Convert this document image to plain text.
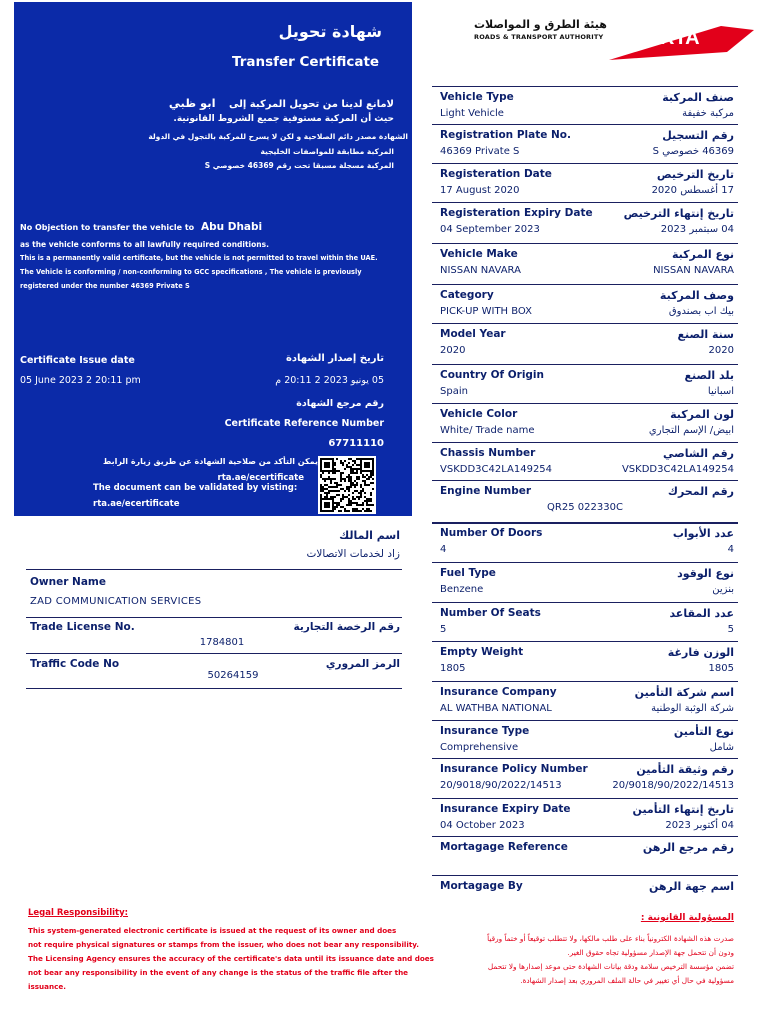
شهادة تحويل
Transfer Certificate
لامانع لدينا من تحويل المركبة إلى ابو ظبي
حيث أن المركبة مستوفية جميع الشروط القانونية.
الشهادة مصدر دائم الصلاحية و لكن لا يسرح للمركبة بالتجول في الدولة
المركبة مطابقة للمواصفات الخليجية
المركبة مسجلة مسبقا تحت رقم 46369 خصوصي S
No Objection to transfer the vehicle to Abu Dhabi
as the vehicle conforms to all lawfully required conditions.
This is a permanently valid certificate, but the vehicle is not permitted to travel within the UAE.
The Vehicle is conforming / non-conforming to GCC specifications , The vehicle is previously
registered under the number 46369 Private S
Certificate Issue date	تاريخ إصدار الشهادة
05 June 2023 2 20:11 pm	05 يونيو 2023 2 20:11 م
رقم مرجع الشهادة
Certificate Reference Number
67711110
يمكن التأكد من صلاحية الشهادة عن طريق زيارة الرابط
rta.ae/ecertificate
The document can be validated by visting:
rta.ae/ecertificate
هيئة الطرق و المواصلات
ROADS & TRANSPORT AUTHORITY	RTA
اسم المالك
زاد لخدمات الاتصالات
Owner Name
ZAD COMMUNICATION SERVICES
Trade License No.	رقم الرخصة التجارية
1784801
Traffic Code No	الرمز المروري
50264159
Vehicle Type	صنف المركبة
Light Vehicle	مركبة خفيفة
Registration Plate No.	رقم التسجيل
46369 Private S	46369 خصوصي S
Registeration Date	تاريخ الترخيص
17 August 2020	17 أغسطس 2020
Registeration Expiry Date	تاريخ إنتهاء الترخيص
04 September 2023	04 سبتمبر 2023
Vehicle Make	نوع المركبة
NISSAN NAVARA	NISSAN NAVARA
Category	وصف المركبة
PICK-UP WITH BOX	بيك اب بصندوق
Model Year	سنة الصنع
2020	2020
Country Of Origin	بلد الصنع
Spain	اسبانيا
Vehicle Color	لون المركبة
White/ Trade name	ابيض/ الإسم التجاري
Chassis Number	رقم الشاصي
VSKDD3C42LA149254	VSKDD3C42LA149254
Engine Number	رقم المحرك
QR25 022330C
Number Of Doors	عدد الأبواب
4	4
Fuel Type	نوع الوقود
Benzene	بنزين
Number Of Seats	عدد المقاعد
5	5
Empty Weight	الوزن فارغة
1805	1805
Insurance Company	اسم شركة التأمين
AL WATHBA NATIONAL	شركة الوثبة الوطنية
Insurance Type	نوع التأمين
Comprehensive	شامل
Insurance Policy Number	رقم وثيقة التأمين
20/9018/90/2022/14513	20/9018/90/2022/14513
Insurance Expiry Date	تاريخ إنتهاء التأمين
04 October 2023	04 أكتوبر 2023
Mortagage Reference	رقم مرجع الرهن
Mortagage By	اسم جهة الرهن
Legal Responsibility:
This system-generated electronic certificate is issued at the request of its owner and does
not require physical signatures or stamps from the issuer, who does not bear any responsibility.
The Licensing Agency ensures the accuracy of the certificate's data until its issuance date and does
not bear any responsibility in the event of any change is the status of the traffic file after the
issuance.
المسؤولية القانونية :
صدرت هذه الشهادة الكترونياً بناء على طلب مالكها، ولا تتطلب توقيعاً أو ختماً ورقياً
ودون أن تتحمل جهة الإصدار مسؤولية تجاه حقوق الغير.
تضمن مؤسسة الترخيص سلامة ودقة بيانات الشهادة حتى موعد إصدارها ولا تتحمل
مسؤولية في حال أي تغيير في حالة الملف المروري بعد إصدار الشهادة.
